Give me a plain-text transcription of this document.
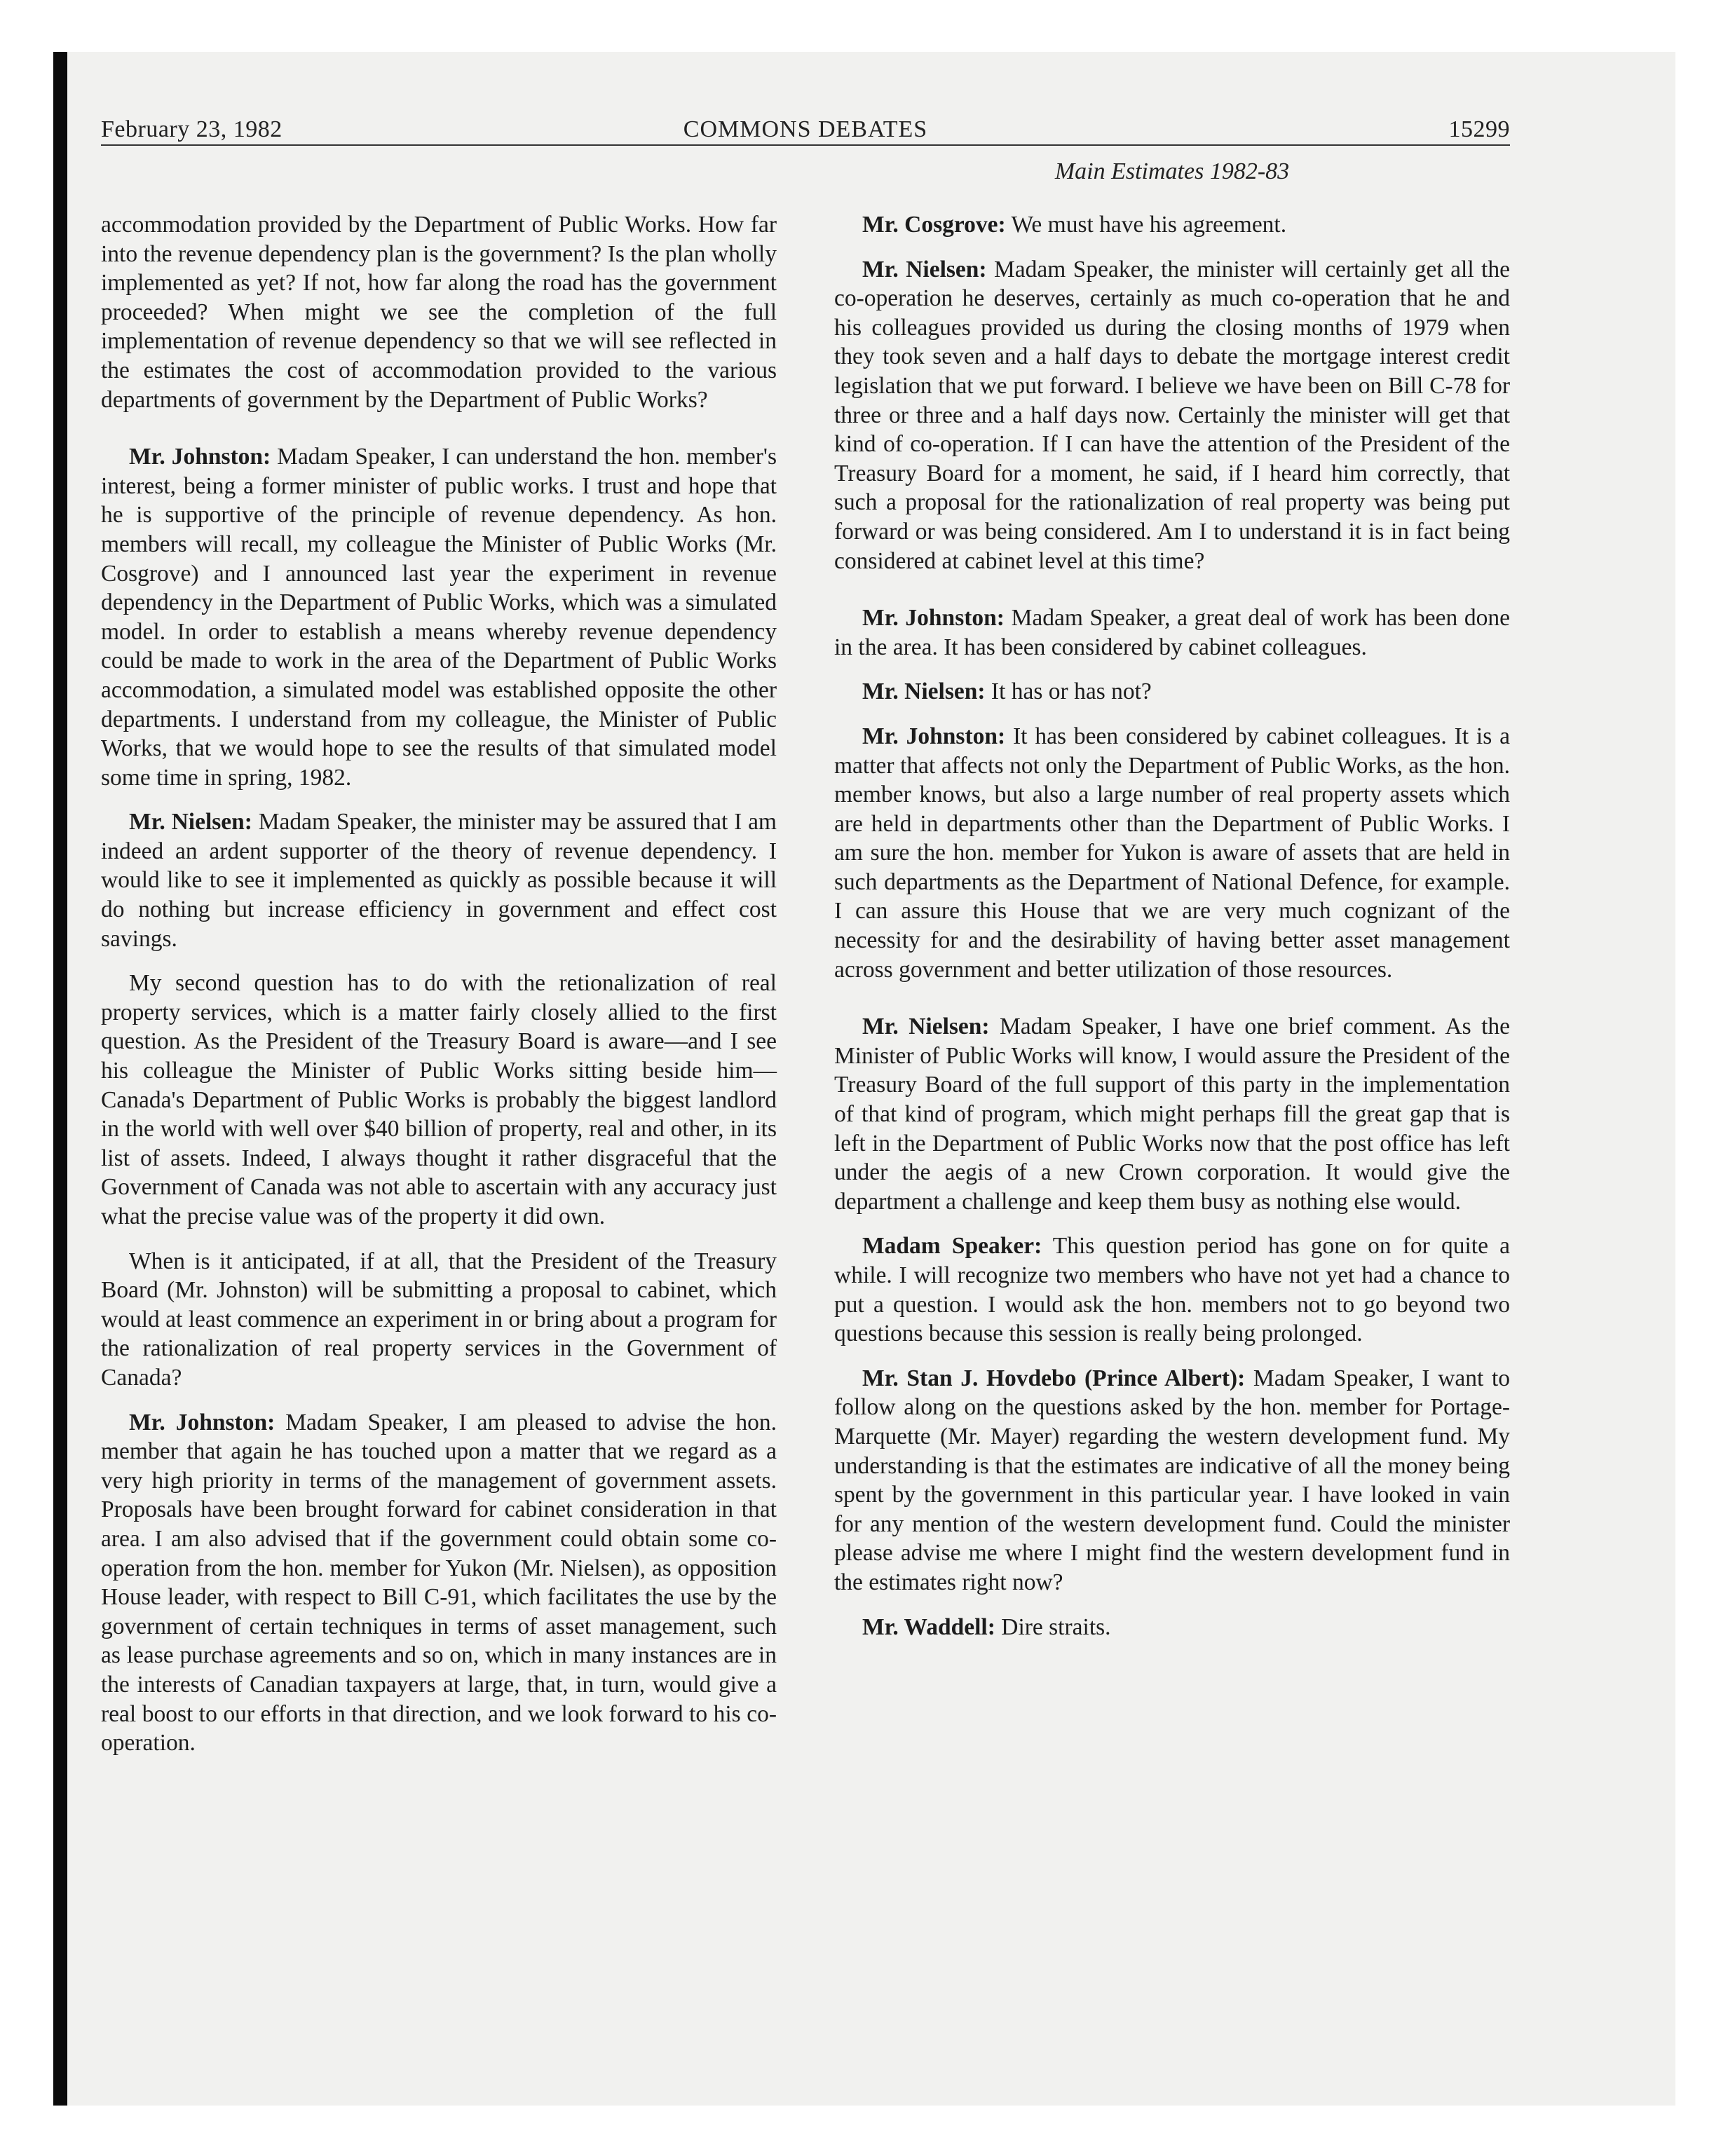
February 23, 1982	COMMONS DEBATES	15299
Main Estimates 1982-83

accommodation provided by the Department of Public Works. How far into the revenue dependency plan is the government? Is the plan wholly implemented as yet? If not, how far along the road has the government proceeded? When might we see the completion of the full implementation of revenue dependency so that we will see reflected in the estimates the cost of accommodation provided to the various departments of government by the Department of Public Works?

Mr. Johnston: Madam Speaker, I can understand the hon. member's interest, being a former minister of public works. I trust and hope that he is supportive of the principle of revenue dependency. As hon. members will recall, my colleague the Minister of Public Works (Mr. Cosgrove) and I announced last year the experiment in revenue dependency in the Department of Public Works, which was a simulated model. In order to establish a means whereby revenue dependency could be made to work in the area of the Department of Public Works accommodation, a simulated model was established opposite the other departments. I understand from my colleague, the Minister of Public Works, that we would hope to see the results of that simulated model some time in spring, 1982.

Mr. Nielsen: Madam Speaker, the minister may be assured that I am indeed an ardent supporter of the theory of revenue dependency. I would like to see it implemented as quickly as possible because it will do nothing but increase efficiency in government and effect cost savings.

My second question has to do with the retionalization of real property services, which is a matter fairly closely allied to the first question. As the President of the Treasury Board is aware—and I see his colleague the Minister of Public Works sitting beside him—Canada's Department of Public Works is probably the biggest landlord in the world with well over $40 billion of property, real and other, in its list of assets. Indeed, I always thought it rather disgraceful that the Government of Canada was not able to ascertain with any accuracy just what the precise value was of the property it did own.

When is it anticipated, if at all, that the President of the Treasury Board (Mr. Johnston) will be submitting a proposal to cabinet, which would at least commence an experiment in or bring about a program for the rationalization of real property services in the Government of Canada?

Mr. Johnston: Madam Speaker, I am pleased to advise the hon. member that again he has touched upon a matter that we regard as a very high priority in terms of the management of government assets. Proposals have been brought forward for cabinet consideration in that area. I am also advised that if the government could obtain some co-operation from the hon. member for Yukon (Mr. Nielsen), as opposition House leader, with respect to Bill C-91, which facilitates the use by the government of certain techniques in terms of asset management, such as lease purchase agreements and so on, which in many instances are in the interests of Canadian taxpayers at large, that, in turn, would give a real boost to our efforts in that direction, and we look forward to his co-operation.

Mr. Cosgrove: We must have his agreement.

Mr. Nielsen: Madam Speaker, the minister will certainly get all the co-operation he deserves, certainly as much co-operation that he and his colleagues provided us during the closing months of 1979 when they took seven and a half days to debate the mortgage interest credit legislation that we put forward. I believe we have been on Bill C-78 for three or three and a half days now. Certainly the minister will get that kind of co-operation. If I can have the attention of the President of the Treasury Board for a moment, he said, if I heard him correctly, that such a proposal for the rationalization of real property was being put forward or was being considered. Am I to understand it is in fact being considered at cabinet level at this time?

Mr. Johnston: Madam Speaker, a great deal of work has been done in the area. It has been considered by cabinet colleagues.

Mr. Nielsen: It has or has not?

Mr. Johnston: It has been considered by cabinet colleagues. It is a matter that affects not only the Department of Public Works, as the hon. member knows, but also a large number of real property assets which are held in departments other than the Department of Public Works. I am sure the hon. member for Yukon is aware of assets that are held in such departments as the Department of National Defence, for example. I can assure this House that we are very much cognizant of the necessity for and the desirability of having better asset management across government and better utilization of those resources.

Mr. Nielsen: Madam Speaker, I have one brief comment. As the Minister of Public Works will know, I would assure the President of the Treasury Board of the full support of this party in the implementation of that kind of program, which might perhaps fill the great gap that is left in the Department of Public Works now that the post office has left under the aegis of a new Crown corporation. It would give the department a challenge and keep them busy as nothing else would.

Madam Speaker: This question period has gone on for quite a while. I will recognize two members who have not yet had a chance to put a question. I would ask the hon. members not to go beyond two questions because this session is really being prolonged.

Mr. Stan J. Hovdebo (Prince Albert): Madam Speaker, I want to follow along on the questions asked by the hon. member for Portage-Marquette (Mr. Mayer) regarding the western development fund. My understanding is that the estimates are indicative of all the money being spent by the government in this particular year. I have looked in vain for any mention of the western development fund. Could the minister please advise me where I might find the western development fund in the estimates right now?

Mr. Waddell: Dire straits.
